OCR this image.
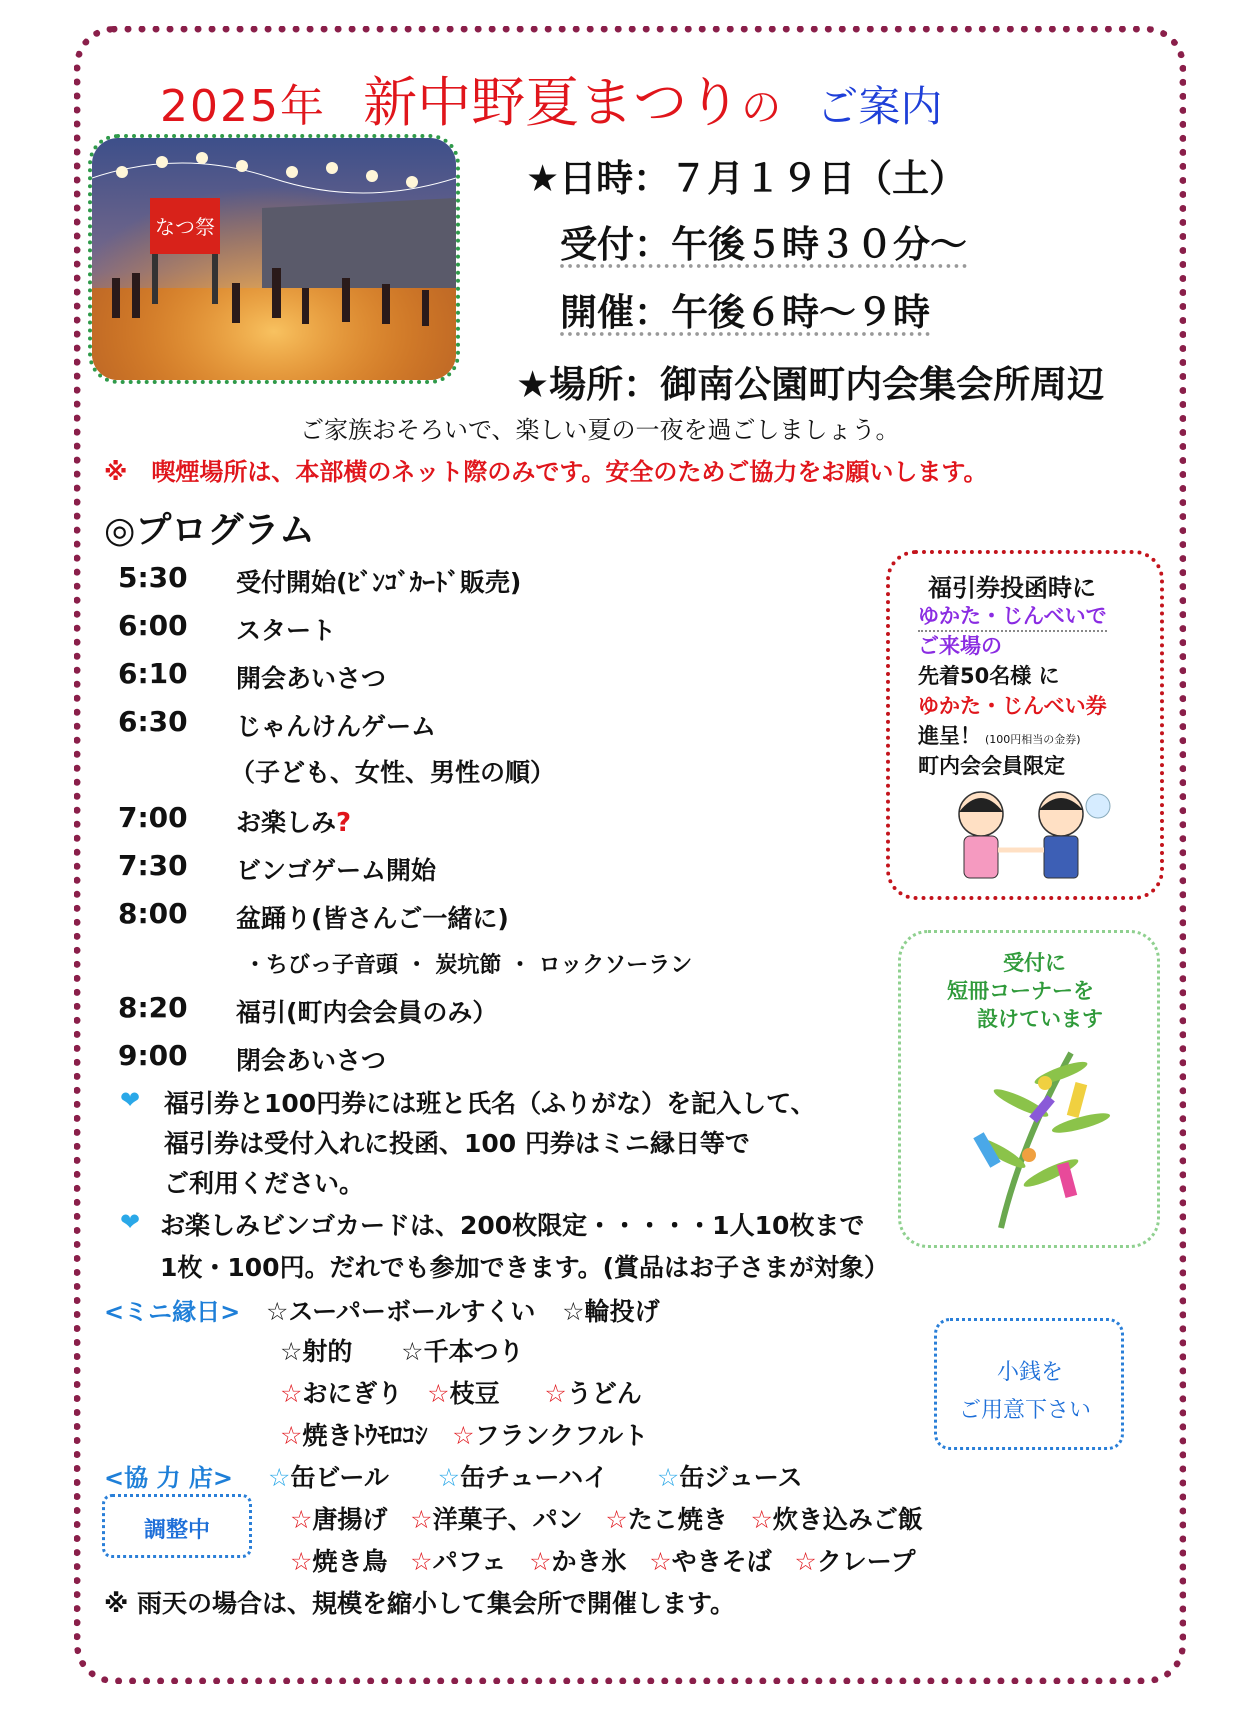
2025年 新中野夏まつりの ご案内
なつ祭
★日時：７月１９日（土）
受付：午後５時３０分～
開催：午後６時～９時
★場所：御南公園町内会集会所周辺
ご家族おそろいで、楽しい夏の一夜を過ごしましょう。
※　喫煙場所は、本部横のネット際のみです。安全のためご協力をお願いします。
◎プログラム
5:30 受付開始(ﾋﾞﾝｺﾞｶｰﾄﾞ販売)
6:00 スタート
6:10 開会あいさつ
6:30 じゃんけんゲーム
（子ども、女性、男性の順）
7:00 お楽しみ?
7:30 ビンゴゲーム開始
8:00 盆踊り(皆さんご一緒に)
・ちびっ子音頭 ・ 炭坑節 ・ ロックソーラン
8:20 福引(町内会会員のみ）
9:00 閉会あいさつ
❤ 福引券と100円券には班と氏名（ふりがな）を記入して、
福引券は受付入れに投函、100 円券はミニ縁日等で
ご利用ください。
❤ お楽しみビンゴカードは、200枚限定・・・・・1人10枚まで
1枚・100円。だれでも参加できます。(賞品はお子さまが対象）
<ミニ縁日> ☆スーパーボールすくい ☆輪投げ
☆射的 ☆千本つり
☆おにぎり ☆枝豆 ☆うどん
☆焼きﾄｳﾓﾛｺｼ ☆フランクフルト
<協 力 店> ☆缶ビール ☆缶チューハイ ☆缶ジュース
☆唐揚げ ☆洋菓子、パン ☆たこ焼き ☆炊き込みご飯
☆焼き鳥 ☆パフェ ☆かき氷 ☆やきそば ☆クレープ
調整中
※ 雨天の場合は、規模を縮小して集会所で開催します。
福引券投函時に
ゆかた・じんべいで
ご来場の
先着50名様 に
ゆかた・じんべい券
進呈！ (100円相当の金券)
町内会会員限定
受付に
短冊コーナーを
設けています
小銭を
ご用意下さい
